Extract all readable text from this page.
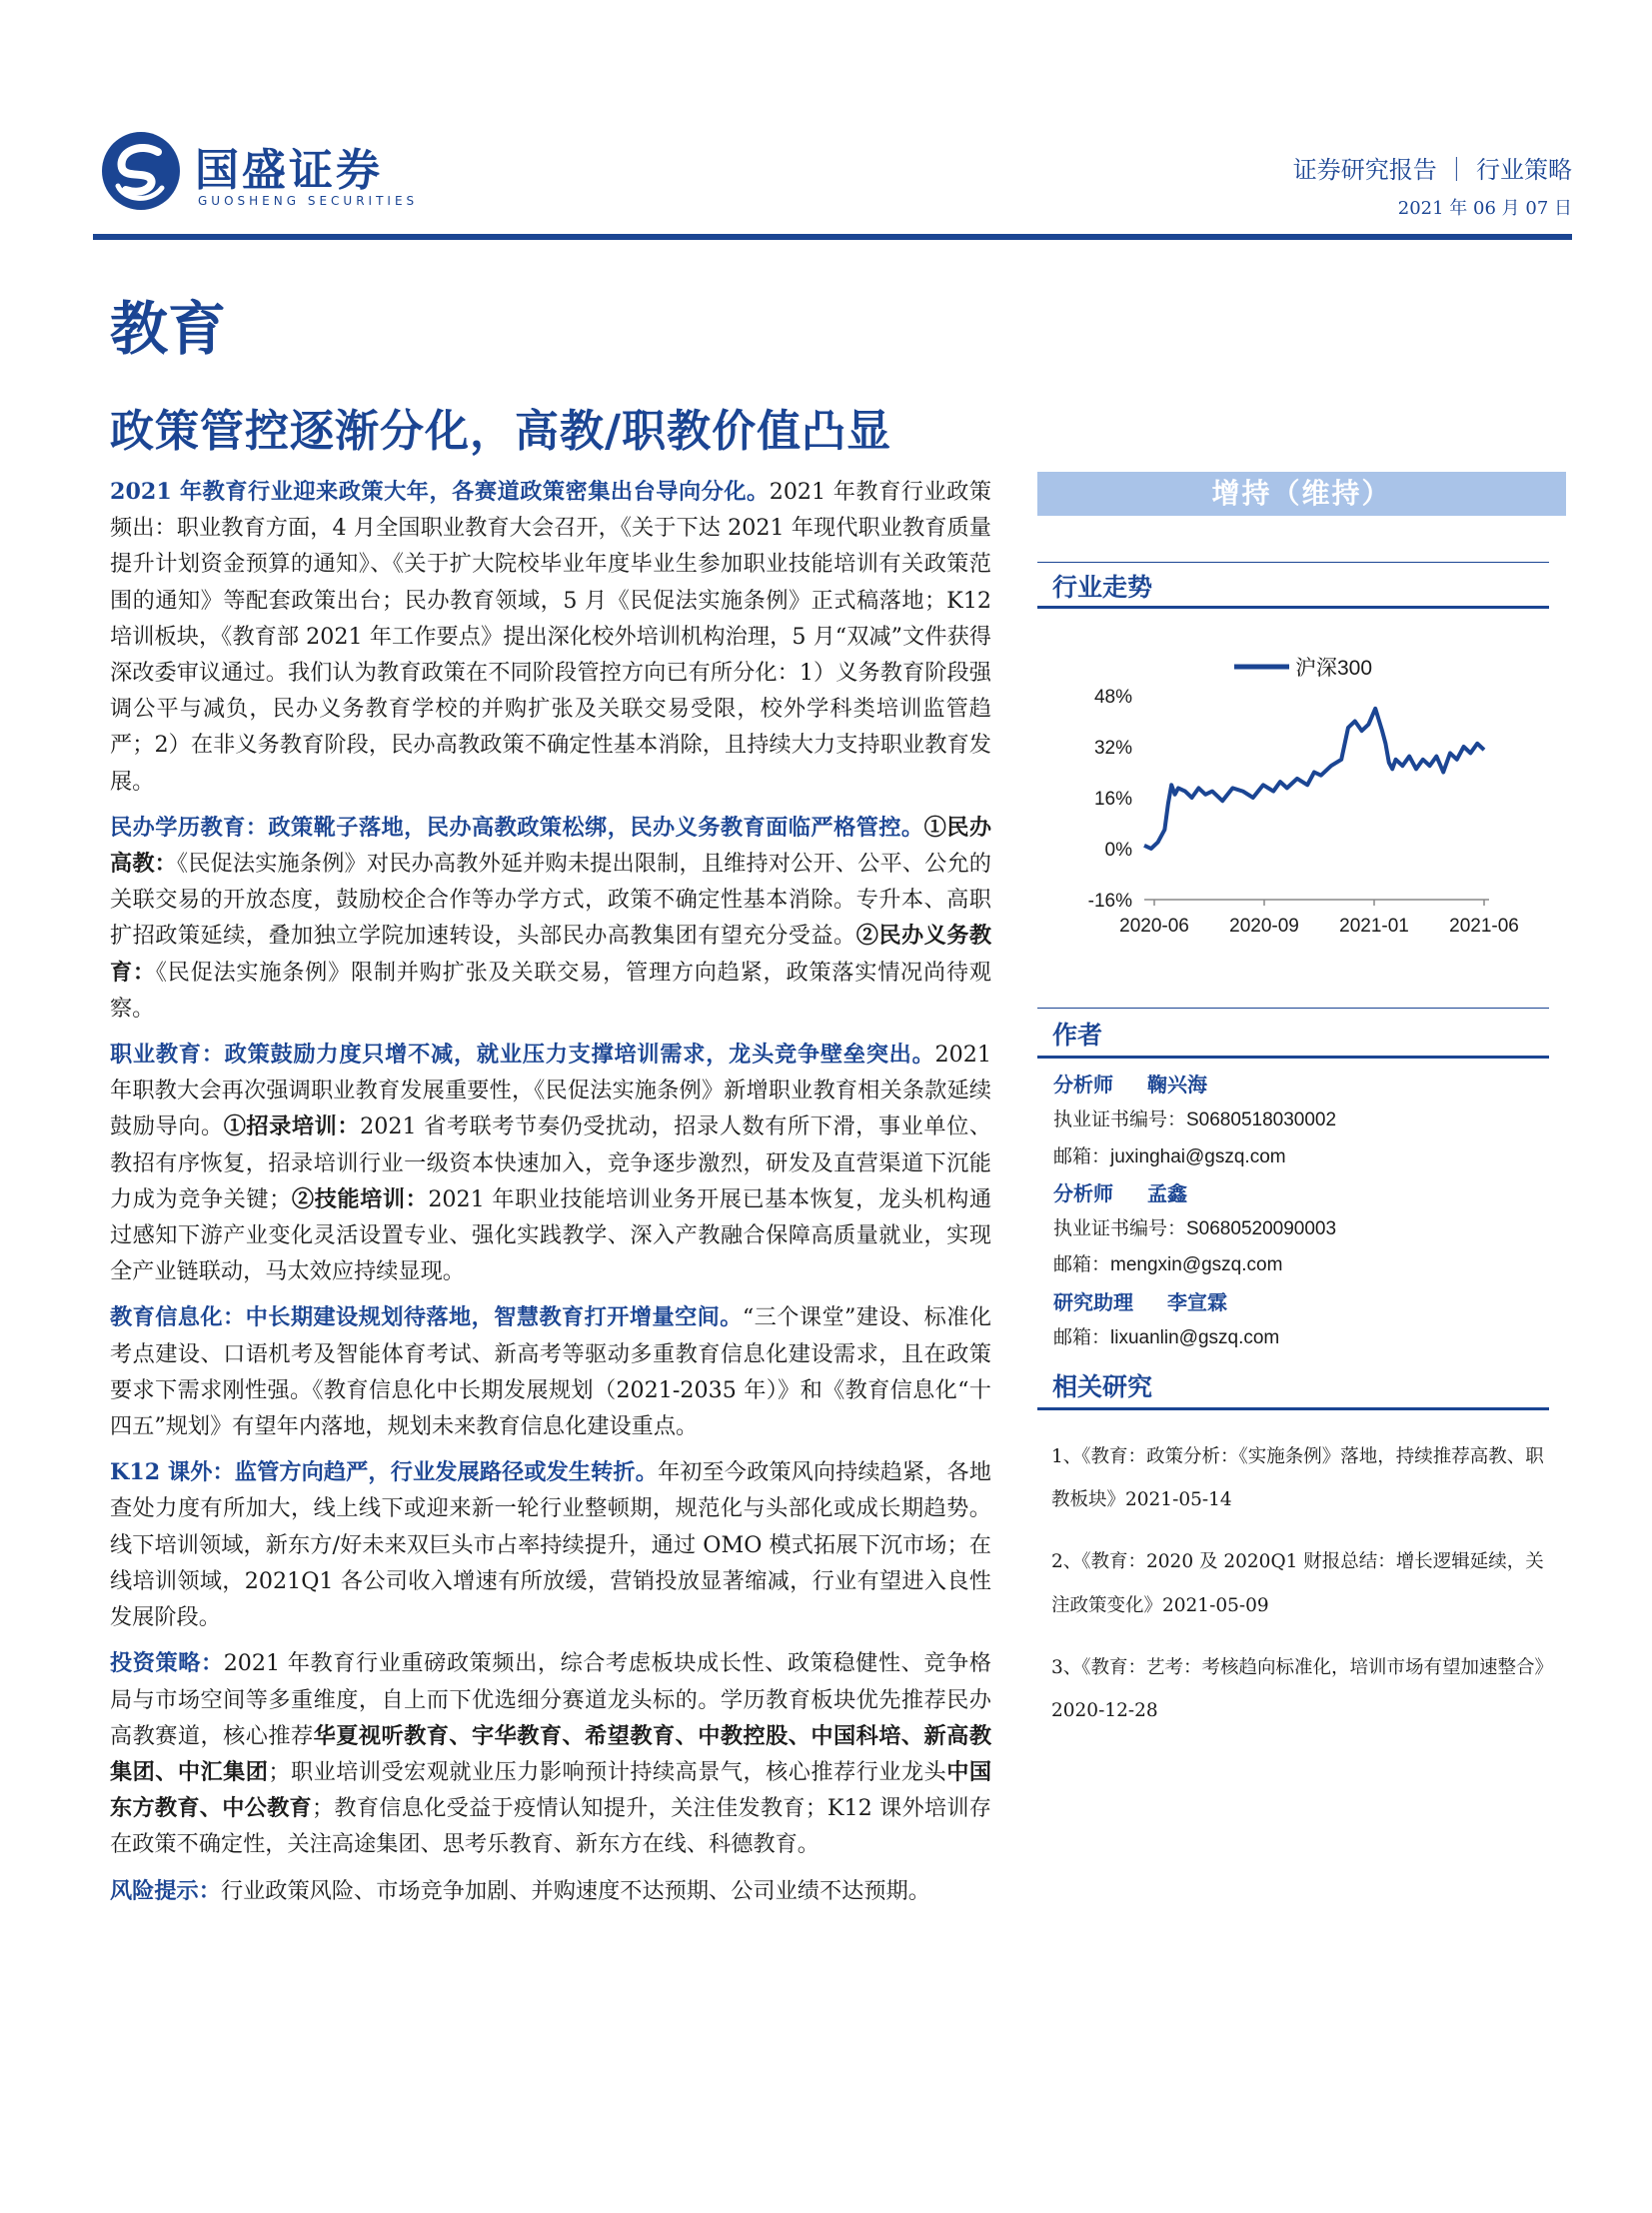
国盛证券
GUOSHENG SECURITIES
证券研究报告 ｜ 行业策略
2021 年 06 月 07 日
教育
政策管控逐渐分化，高教/职教价值凸显

2021 年教育行业迎来政策大年，各赛道政策密集出台导向分化。2021 年教育行业政策频出：职业教育方面，4 月全国职业教育大会召开，《关于下达 2021 年现代职业教育质量提升计划资金预算的通知》、《关于扩大院校毕业年度毕业生参加职业技能培训有关政策范围的通知》等配套政策出台；民办教育领域，5 月《民促法实施条例》正式稿落地；K12 培训板块，《教育部 2021 年工作要点》提出深化校外培训机构治理，5 月“双减”文件获得深改委审议通过。我们认为教育政策在不同阶段管控方向已有所分化：1）义务教育阶段强调公平与减负，民办义务教育学校的并购扩张及关联交易受限，校外学科类培训监管趋严；2）在非义务教育阶段，民办高教政策不确定性基本消除，且持续大力支持职业教育发展。

民办学历教育：政策靴子落地，民办高教政策松绑，民办义务教育面临严格管控。①民办高教：《民促法实施条例》对民办高教外延并购未提出限制，且维持对公开、公平、公允的关联交易的开放态度，鼓励校企合作等办学方式，政策不确定性基本消除。专升本、高职扩招政策延续，叠加独立学院加速转设，头部民办高教集团有望充分受益。②民办义务教育：《民促法实施条例》限制并购扩张及关联交易，管理方向趋紧，政策落实情况尚待观察。

职业教育：政策鼓励力度只增不减，就业压力支撑培训需求，龙头竞争壁垒突出。2021 年职教大会再次强调职业教育发展重要性，《民促法实施条例》新增职业教育相关条款延续鼓励导向。①招录培训：2021 省考联考节奏仍受扰动，招录人数有所下滑，事业单位、教招有序恢复，招录培训行业一级资本快速加入，竞争逐步激烈，研发及直营渠道下沉能力成为竞争关键；②技能培训：2021 年职业技能培训业务开展已基本恢复，龙头机构通过感知下游产业变化灵活设置专业、强化实践教学、深入产教融合保障高质量就业，实现全产业链联动，马太效应持续显现。

教育信息化：中长期建设规划待落地，智慧教育打开增量空间。“三个课堂”建设、标准化考点建设、口语机考及智能体育考试、新高考等驱动多重教育信息化建设需求，且在政策要求下需求刚性强。《教育信息化中长期发展规划（2021-2035 年）》和《教育信息化“十四五”规划》有望年内落地，规划未来教育信息化建设重点。

K12 课外：监管方向趋严，行业发展路径或发生转折。年初至今政策风向持续趋紧，各地查处力度有所加大，线上线下或迎来新一轮行业整顿期，规范化与头部化或成长期趋势。线下培训领域，新东方/好未来双巨头市占率持续提升，通过 OMO 模式拓展下沉市场；在线培训领域，2021Q1 各公司收入增速有所放缓，营销投放显著缩减，行业有望进入良性发展阶段。

投资策略：2021 年教育行业重磅政策频出，综合考虑板块成长性、政策稳健性、竞争格局与市场空间等多重维度，自上而下优选细分赛道龙头标的。学历教育板块优先推荐民办高教赛道，核心推荐华夏视听教育、宇华教育、希望教育、中教控股、中国科培、新高教集团、中汇集团；职业培训受宏观就业压力影响预计持续高景气，核心推荐行业龙头中国东方教育、中公教育；教育信息化受益于疫情认知提升，关注佳发教育；K12 课外培训存在政策不确定性，关注高途集团、思考乐教育、新东方在线、科德教育。

风险提示：行业政策风险、市场竞争加剧、并购速度不达预期、公司业绩不达预期。

增持（维持）
行业走势
沪深300
48%
32%
16%
0%
-16%
2020-06 2020-09 2021-01 2021-06
作者
分析师 鞠兴海
执业证书编号：S0680518030002
邮箱：juxinghai@gszq.com
分析师 孟鑫
执业证书编号：S0680520090003
邮箱：mengxin@gszq.com
研究助理 李宣霖
邮箱：lixuanlin@gszq.com
相关研究

1、《教育：政策分析：《实施条例》落地，持续推荐高教、职教板块》2021-05-14

2、《教育：2020 及 2020Q1 财报总结：增长逻辑延续，关注政策变化》2021-05-09

3、《教育：艺考：考核趋向标准化，培训市场有望加速整合》2020-12-28
